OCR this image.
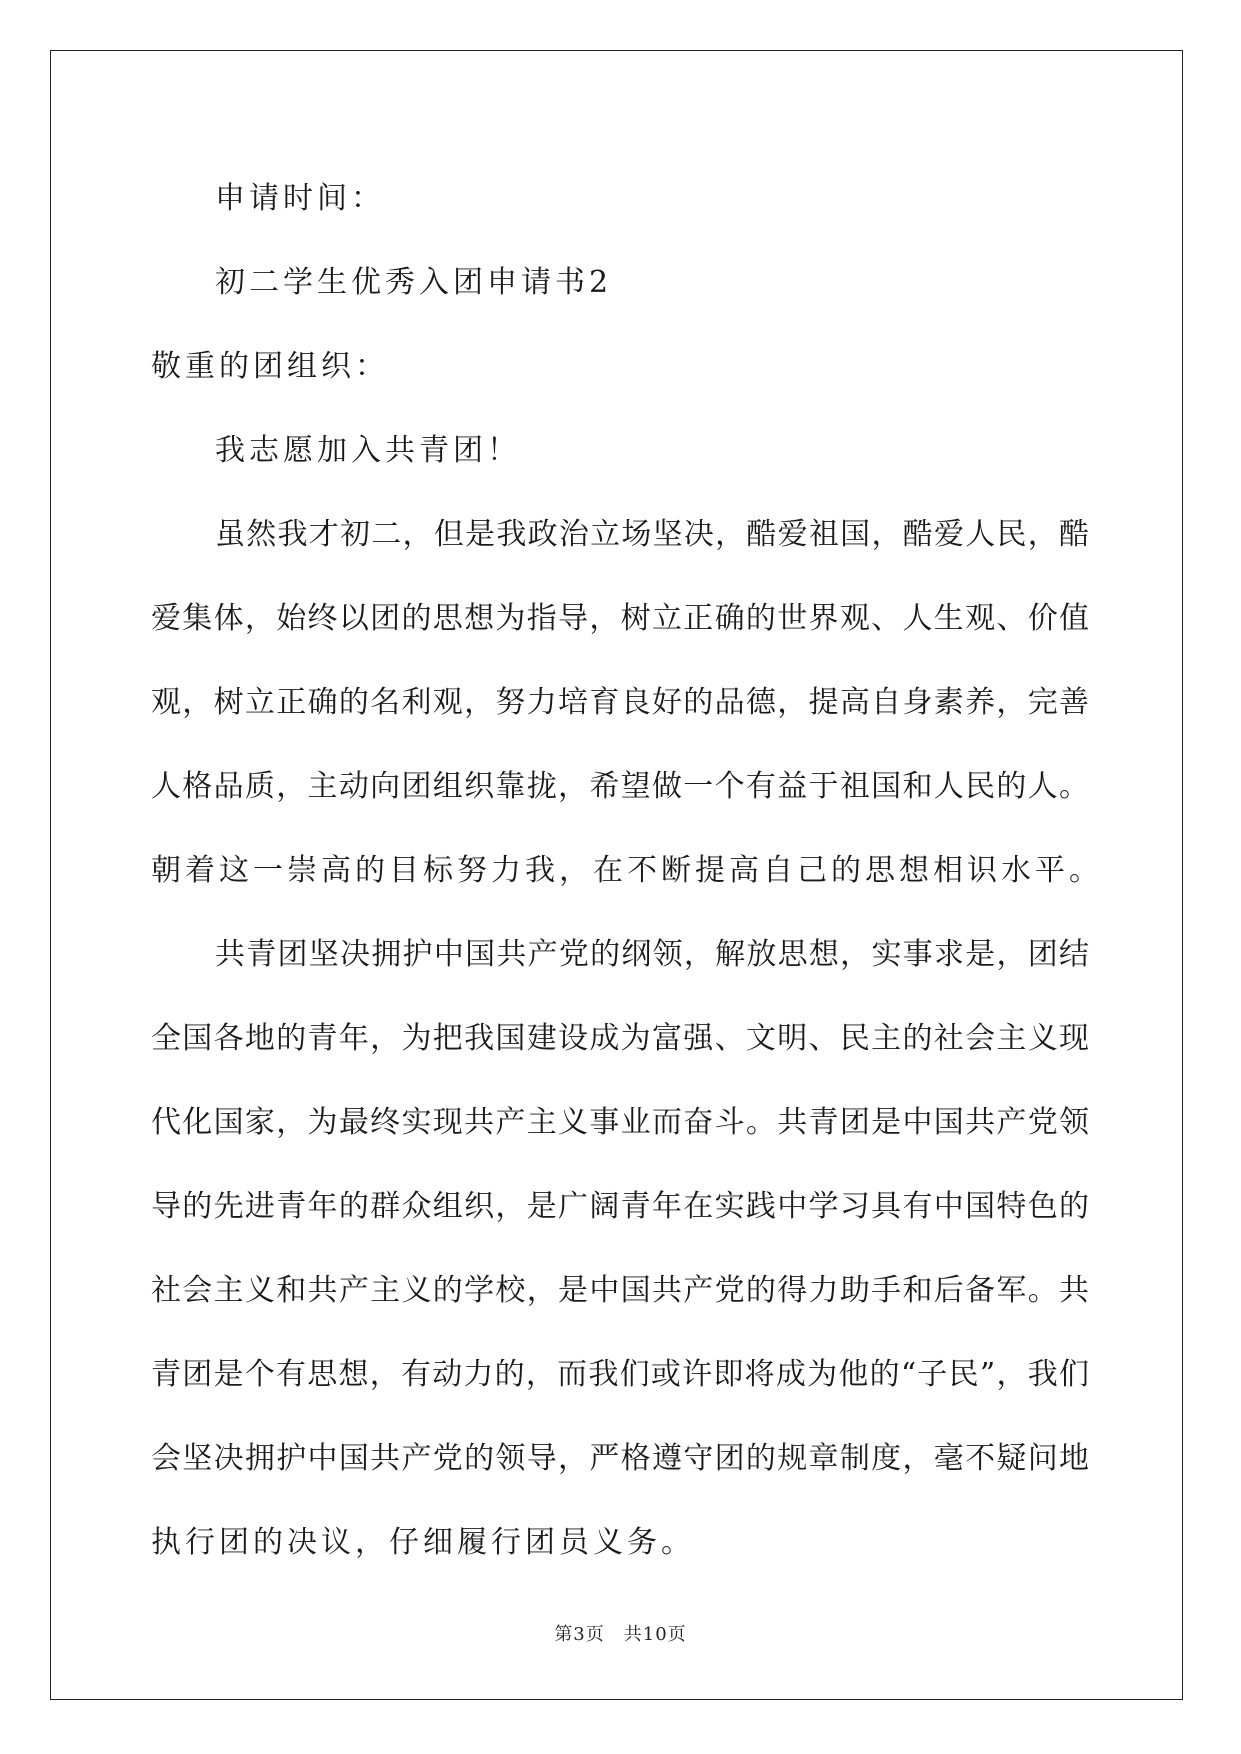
申请时间：
初二学生优秀入团申请书2
敬重的团组织：
我志愿加入共青团！
虽然我才初二，但是我政治立场坚决，酷爱祖国，酷爱人民，酷
爱集体，始终以团的思想为指导，树立正确的世界观、人生观、价值
观，树立正确的名利观，努力培育良好的品德，提高自身素养，完善
人格品质，主动向团组织靠拢，希望做一个有益于祖国和人民的人。
朝着这一崇高的目标努力我，在不断提高自己的思想相识水平。
共青团坚决拥护中国共产党的纲领，解放思想，实事求是，团结
全国各地的青年，为把我国建设成为富强、文明、民主的社会主义现
代化国家，为最终实现共产主义事业而奋斗。共青团是中国共产党领
导的先进青年的群众组织，是广阔青年在实践中学习具有中国特色的
社会主义和共产主义的学校，是中国共产党的得力助手和后备军。共
青团是个有思想，有动力的，而我们或许即将成为他的“子民”，我们
会坚决拥护中国共产党的领导，严格遵守团的规章制度，毫不疑问地
执行团的决议，仔细履行团员义务。
第3页　共10页
